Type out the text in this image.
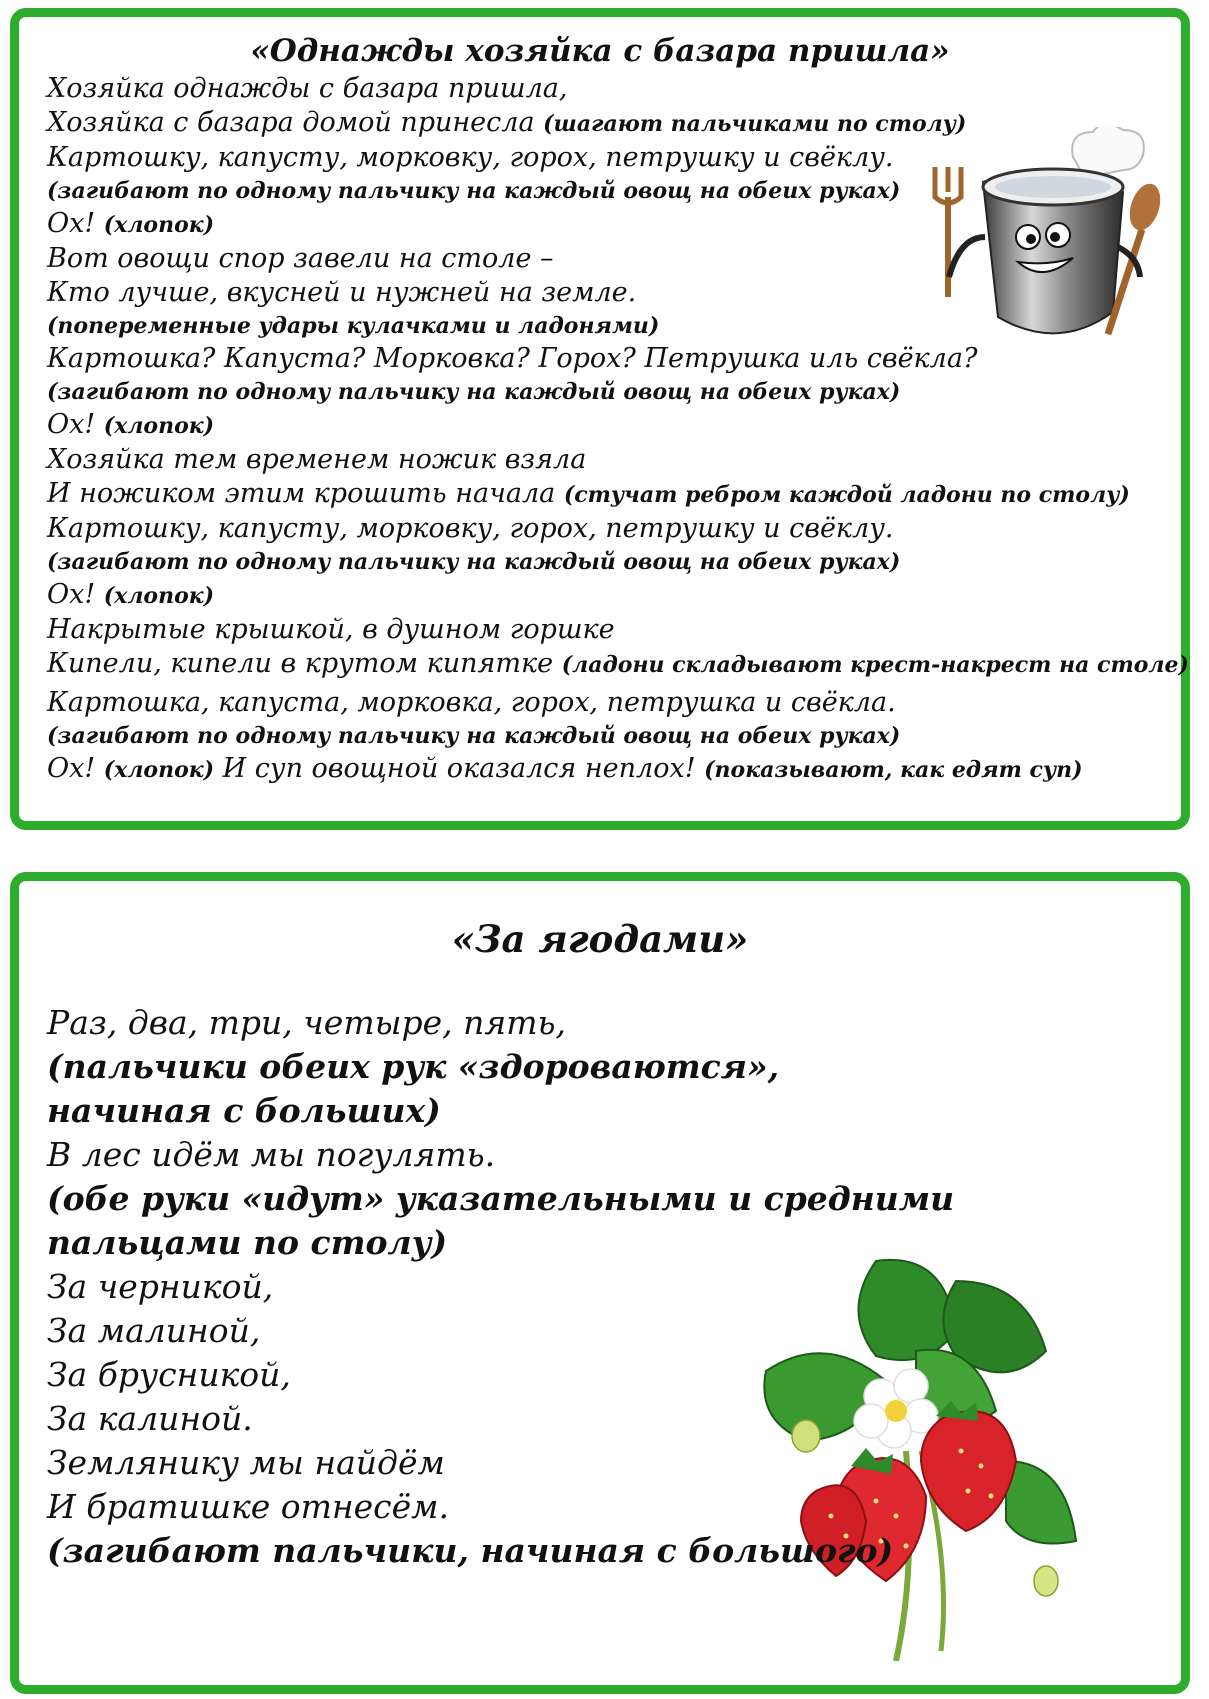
«Однажды хозяйка с базара пришла»
Хозяйка однажды с базара пришла,
Хозяйка с базара домой принесла (шагают пальчиками по столу)
Картошку, капусту, морковку, горох, петрушку и свёклу.
(загибают по одному пальчику на каждый овощ на обеих руках)
Ох! (хлопок)
Вот овощи спор завели на столе –
Кто лучше, вкусней и нужней на земле.
(попеременные удары кулачками и ладонями)
Картошка? Капуста? Морковка? Горох? Петрушка иль свёкла?
(загибают по одному пальчику на каждый овощ на обеих руках)
Ох! (хлопок)
Хозяйка тем временем ножик взяла
И ножиком этим крошить начала (стучат ребром каждой ладони по столу)
Картошку, капусту, морковку, горох, петрушку и свёклу.
(загибают по одному пальчику на каждый овощ на обеих руках)
Ох! (хлопок)
Накрытые крышкой, в душном горшке
Кипели, кипели в крутом кипятке (ладони складывают крест-накрест на столе)
Картошка, капуста, морковка, горох, петрушка и свёкла.
(загибают по одному пальчику на каждый овощ на обеих руках)
Ох! (хлопок) И суп овощной оказался неплох! (показывают, как едят суп)
«За ягодами»
Раз, два, три, четыре, пять,
(пальчики обеих рук «здороваются»,
начиная с больших)
В лес идём мы погулять.
(обе руки «идут» указательными и средними
пальцами по столу)
За черникой,
За малиной,
За брусникой,
За калиной.
Землянику мы найдём
И братишке отнесём.
(загибают пальчики, начиная с большого)
